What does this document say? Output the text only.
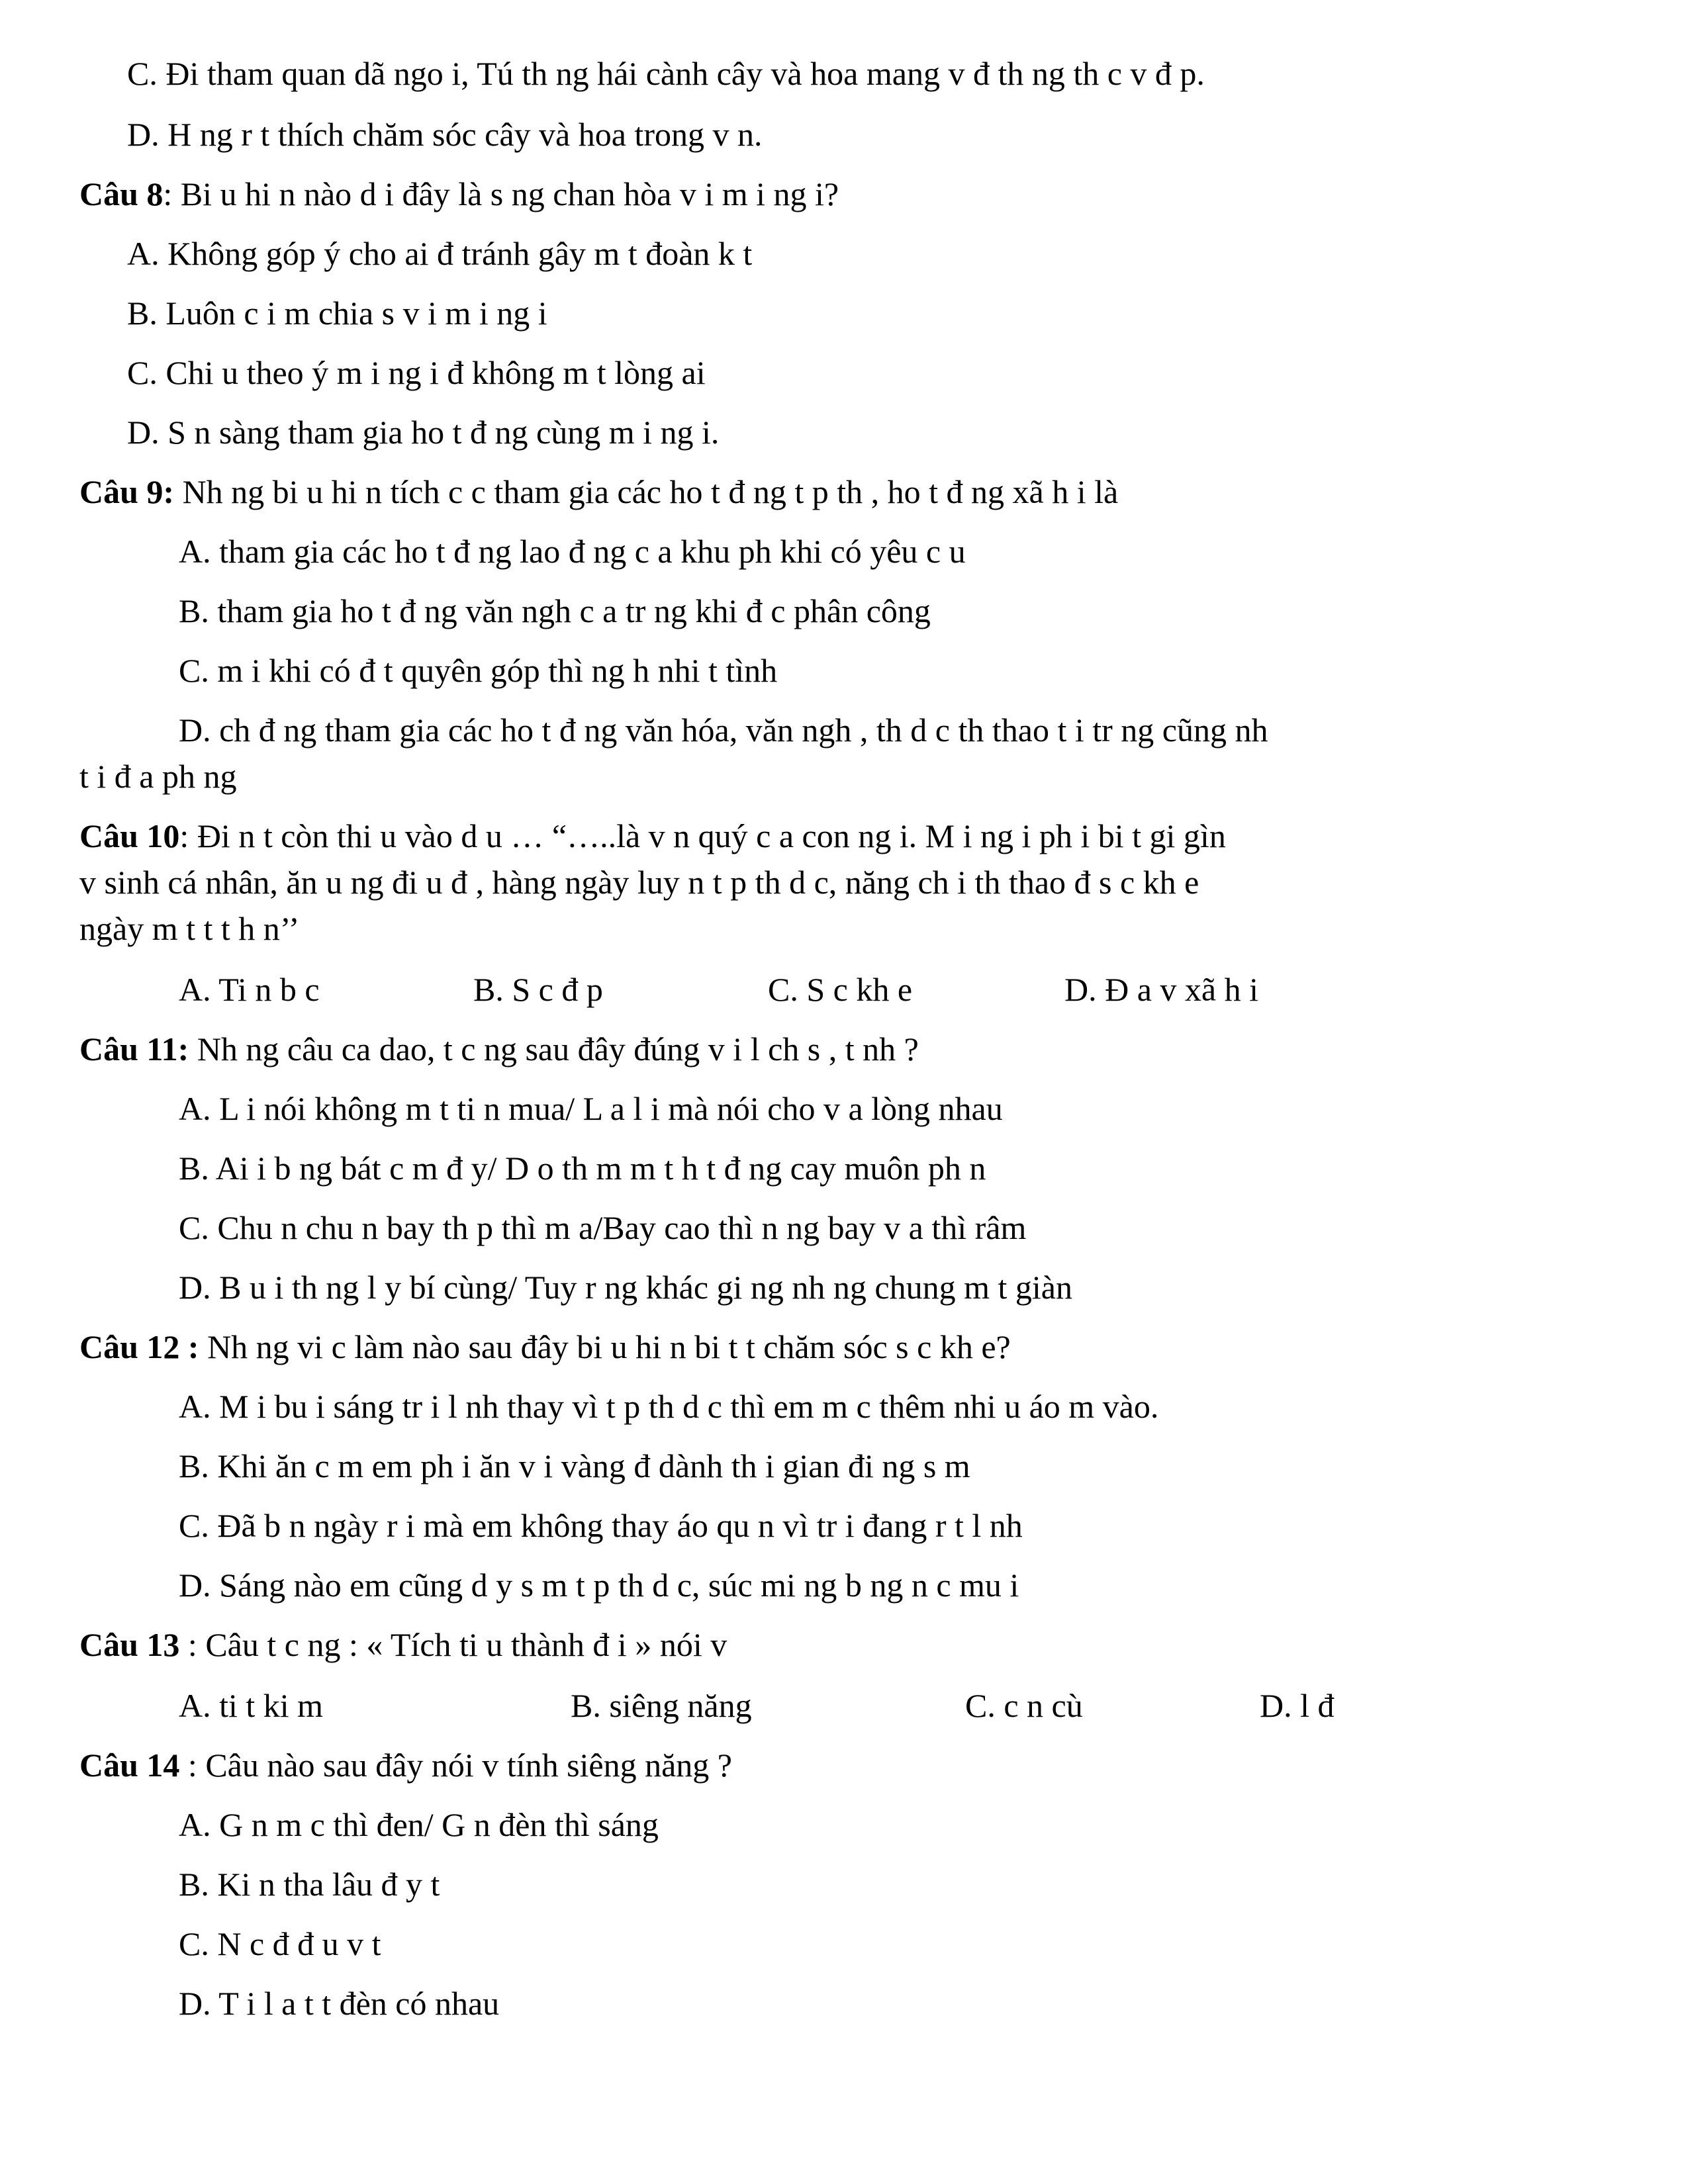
C. Đi tham quan dã ngo i, Tú th ng hái cành cây và hoa mang v đ th ng th c v đ p.
D. H ng r t thích chăm sóc cây và hoa trong v n.
Câu 8: Bi u hi n nào d i đây là s ng chan hòa v i m i ng i?
A. Không góp ý cho ai đ tránh gây m t đoàn k t
B. Luôn c i m chia s v i m i ng i
C. Chi u theo ý m i ng i đ không m t lòng ai
D. S n sàng tham gia ho t đ ng cùng m i ng i.
Câu 9: Nh ng bi u hi n tích c c tham gia các ho t đ ng t p th , ho t đ ng xã h i là
A. tham gia các ho t đ ng lao đ ng c a khu ph khi có yêu c u
B. tham gia ho t đ ng văn ngh c a tr ng khi đ c phân công
C. m i khi có đ t quyên góp thì ng h nhi t tình
D. ch đ ng tham gia các ho t đ ng văn hóa, văn ngh , th d c th thao t i tr ng cũng nh
t i đ a ph ng
Câu 10: Đi n t còn thi u vào d u … “…..là v n quý c a con ng i. M i ng i ph i bi t gi gìn
v sinh cá nhân, ăn u ng đi u đ , hàng ngày luy n t p th d c, năng ch i th thao đ s c kh e
ngày m t t t h n’’

A. Ti n b c

	B. S c đ p

	C. S c kh e

	D. Đ a v xã h i

Câu 11: Nh ng câu ca dao, t c ng sau đây đúng v i l ch s , t nh ?
A. L i nói không m t ti n mua/ L a l i mà nói cho v a lòng nhau
B. Ai i b ng bát c m đ y/ D o th m m t h t đ ng cay muôn ph n
C. Chu n chu n bay th p thì m a/Bay cao thì n ng bay v a thì râm
D. B u i th ng l y bí cùng/ Tuy r ng khác gi ng nh ng chung m t giàn
Câu 12 : Nh ng vi c làm nào sau đây bi u hi n bi t t chăm sóc s c kh e?
A. M i bu i sáng tr i l nh thay vì t p th d c thì em m c thêm nhi u áo m vào.
B. Khi ăn c m em ph i ăn v i vàng đ dành th i gian đi ng s m
C. Đã b n ngày r i mà em không thay áo qu n vì tr i đang r t l nh
D. Sáng nào em cũng d y s m t p th d c, súc mi ng b ng n c mu i
Câu 13 : Câu t c ng : « Tích ti u thành đ i » nói v

A. ti t ki m

	B. siêng năng

	C. c n cù

	D. l đ

Câu 14 : Câu nào sau đây nói v tính siêng năng ?
A. G n m c thì đen/ G n đèn thì sáng
B. Ki n tha lâu đ y t
C. N c đ đ u v t
D. T i l a t t đèn có nhau
